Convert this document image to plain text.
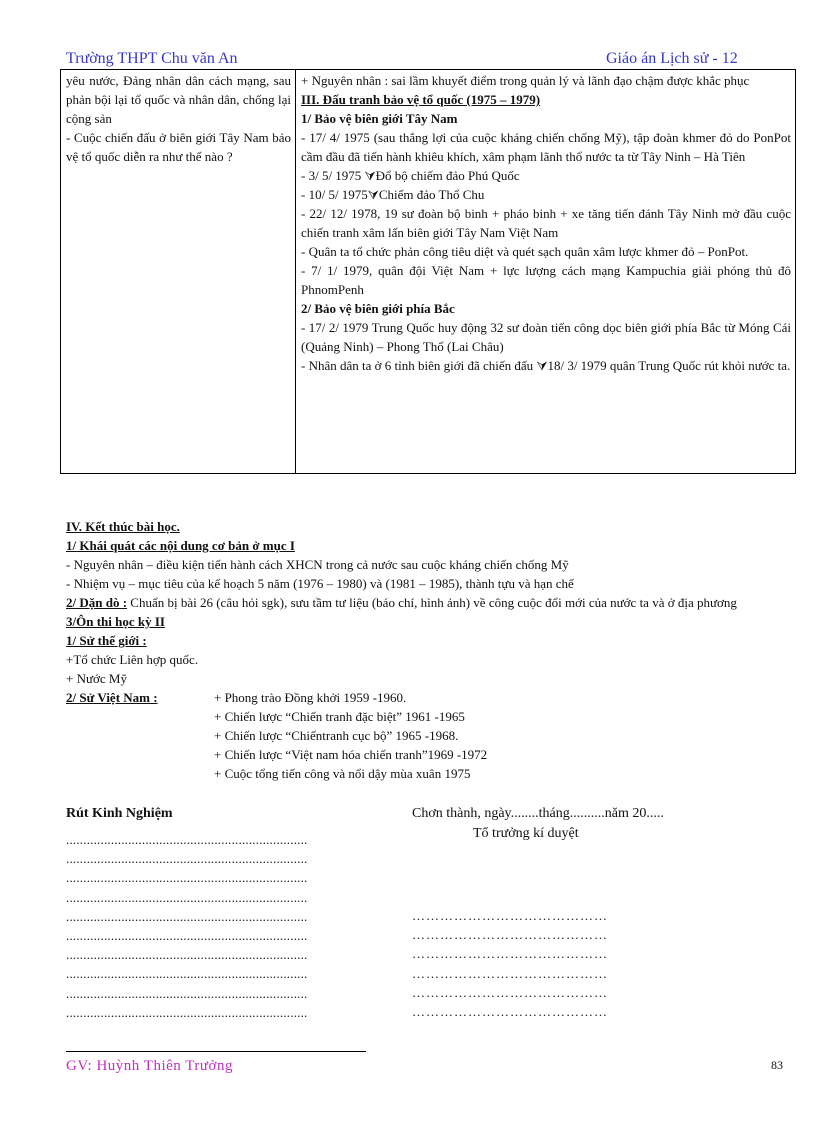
Trường THPT Chu văn An	Giáo án Lịch sử - 12
yêu nước, Đảng nhân dân cách mạng, sau phản bội lại tổ quốc và nhân dân, chống lại cộng sản
- Cuộc chiến đấu ở biên giới Tây Nam bảo vệ tổ quốc diễn ra như thế nào ?

+ Nguyên nhân : sai lầm khuyết điểm trong quản lý và lãnh đạo chậm được khắc phục
III. Đấu tranh bảo vệ tổ quốc (1975 – 1979)
1/ Bảo vệ biên giới Tây Nam
- 17/ 4/ 1975 (sau thắng lợi của cuộc kháng chiến chống Mỹ), tập đoàn khmer đỏ do PonPot cầm đầu đã tiến hành khiêu khích, xâm phạm lãnh thổ nước ta từ Tây Ninh – Hà Tiên
- 3/ 5/ 1975 ⮛Đổ bộ chiếm đảo Phú Quốc
- 10/ 5/ 1975⮛Chiếm đảo Thổ Chu
- 22/ 12/ 1978, 19 sư đoàn bộ binh + pháo binh + xe tăng tiến đánh Tây Ninh mở đầu cuộc chiến tranh xâm lấn biên giới Tây Nam Việt Nam
- Quân ta tổ chức phản công tiêu diệt và quét sạch quân xâm lược khmer đỏ – PonPot.
- 7/ 1/ 1979, quân đội Việt Nam + lực lượng cách mạng Kampuchia giải phóng thủ đô PhnomPenh
2/ Bảo vệ biên giới phía Bắc
- 17/ 2/ 1979 Trung Quốc huy động 32 sư đoàn tiến công dọc biên giới phía Bắc từ Móng Cái (Quảng Ninh) – Phong Thổ (Lai Châu)
- Nhân dân ta ở 6 tỉnh biên giới đã chiến đấu ⮛18/ 3/ 1979 quân Trung Quốc rút khỏi nước ta.

IV. Kết thúc bài học.

1/ Khái quát các nội dung cơ bản ở mục I

- Nguyên nhân – điều kiện tiến hành cách XHCN trong cả nước sau cuộc kháng chiến chống Mỹ

- Nhiệm vụ – mục tiêu của kế hoạch 5 năm (1976 – 1980) và (1981 – 1985), thành tựu và hạn chế

2/ Dặn dò : Chuẩn bị bài 26 (câu hỏi sgk), sưu tầm tư liệu (báo chí, hình ảnh) về công cuộc đổi mới của nước ta và ở địa phương

3/Ôn thi học kỳ II

1/ Sử thế giới :

+Tổ chức Liên hợp quốc.

+ Nước Mỹ

2/ Sử Việt Nam :	+ Phong trào Đồng khởi 1959 -1960.
+ Chiến lược “Chiến tranh đặc biệt” 1961 -1965
+ Chiến lược “Chiếntranh cục bộ” 1965 -1968.
+ Chiến lược “Việt nam hóa chiến tranh”1969 -1972
+ Cuộc tổng tiến công và nổi dậy mùa xuân 1975
Rút Kinh Nghiệm	Chơn thành, ngày........tháng..........năm 20.....
Tổ trưởng kí duyệt
......................................................................
......................................................................
......................................................................
......................................................................
......................................................................
......................................................................
......................................................................
......................................................................
......................................................................
......................................................................
……………………………………
……………………………………
……………………………………
……………………………………
……………………………………
……………………………………
GV: Huỳnh Thiên Trưởng	83
